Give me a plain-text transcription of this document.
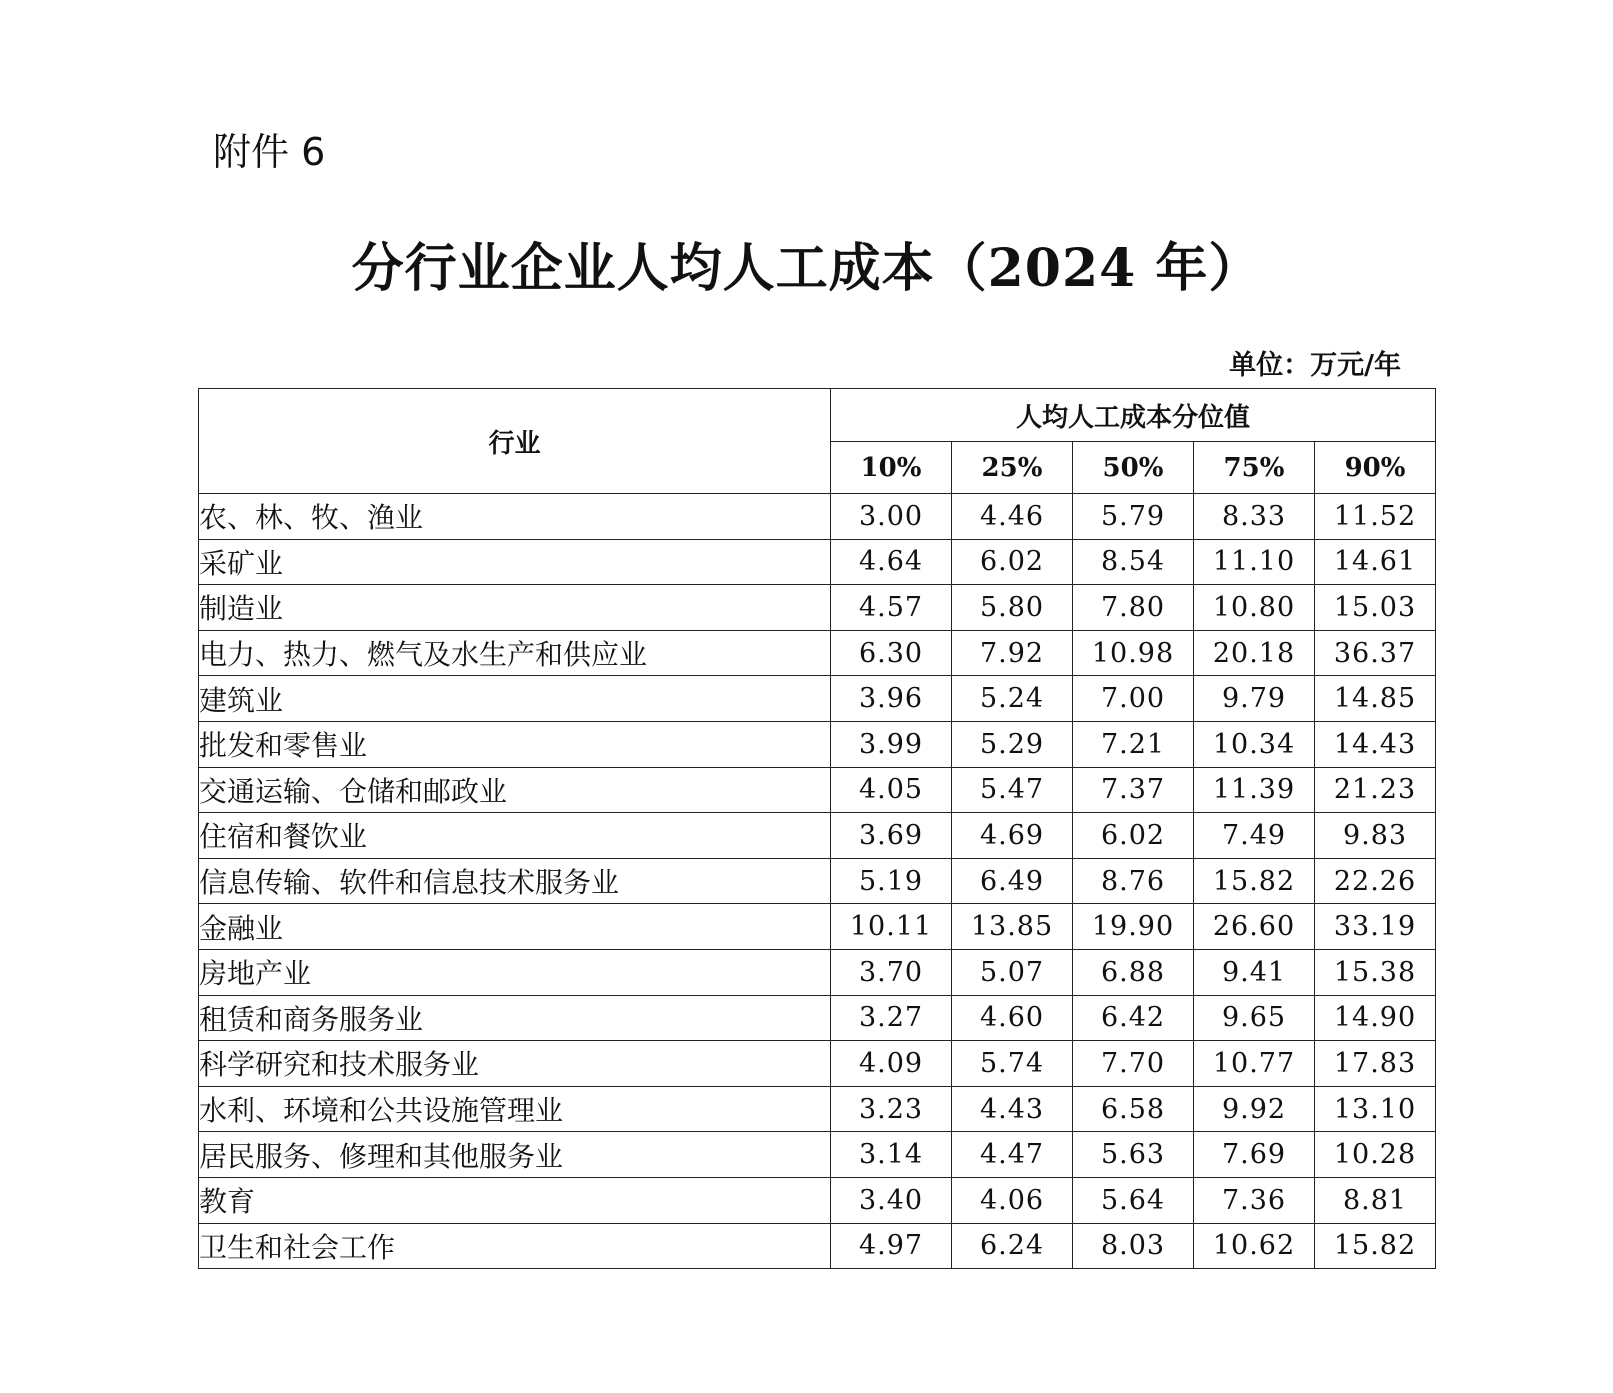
附件 6
分行业企业人均人工成本（2024 年）
单位：万元/年
行业	人均人工成本分位值				
	10%	25%	50%	75%	90%
农、林、牧、渔业	3.00	4.46	5.79	8.33	11.52
采矿业	4.64	6.02	8.54	11.10	14.61
制造业	4.57	5.80	7.80	10.80	15.03
电力、热力、燃气及水生产和供应业	6.30	7.92	10.98	20.18	36.37
建筑业	3.96	5.24	7.00	9.79	14.85
批发和零售业	3.99	5.29	7.21	10.34	14.43
交通运输、仓储和邮政业	4.05	5.47	7.37	11.39	21.23
住宿和餐饮业	3.69	4.69	6.02	7.49	9.83
信息传输、软件和信息技术服务业	5.19	6.49	8.76	15.82	22.26
金融业	10.11	13.85	19.90	26.60	33.19
房地产业	3.70	5.07	6.88	9.41	15.38
租赁和商务服务业	3.27	4.60	6.42	9.65	14.90
科学研究和技术服务业	4.09	5.74	7.70	10.77	17.83
水利、环境和公共设施管理业	3.23	4.43	6.58	9.92	13.10
居民服务、修理和其他服务业	3.14	4.47	5.63	7.69	10.28
教育	3.40	4.06	5.64	7.36	8.81
卫生和社会工作	4.97	6.24	8.03	10.62	15.82
